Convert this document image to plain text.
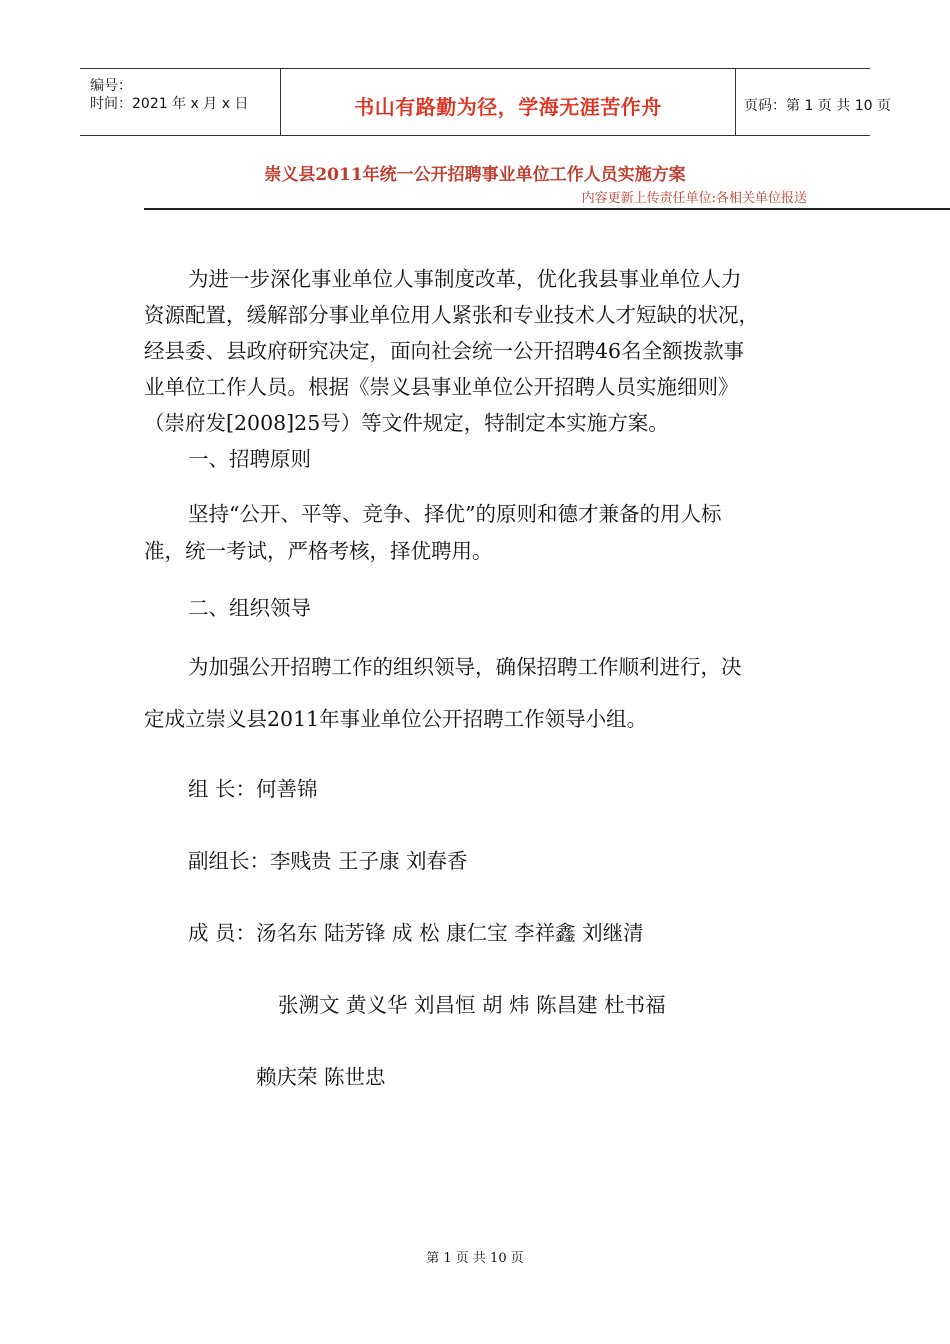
编号：
时间：2021 年 x 月 x 日	书山有路勤为径，学海无涯苦作舟	页码：第 1 页 共 10 页
崇义县2011年统一公开招聘事业单位工作人员实施方案
内容更新上传责任单位:各相关单位报送
为进一步深化事业单位人事制度改革，优化我县事业单位人力
资源配置，缓解部分事业单位用人紧张和专业技术人才短缺的状况，
经县委、县政府研究决定，面向社会统一公开招聘46名全额拨款事
业单位工作人员。根据《崇义县事业单位公开招聘人员实施细则》
（崇府发[2008]25号）等文件规定，特制定本实施方案。
一、招聘原则
坚持“公开、平等、竞争、择优”的原则和德才兼备的用人标
准，统一考试，严格考核，择优聘用。
二、组织领导
为加强公开招聘工作的组织领导，确保招聘工作顺利进行，决
定成立崇义县2011年事业单位公开招聘工作领导小组。
组 长：何善锦
副组长：李贱贵 王子康 刘春香
成 员：汤名东 陆芳锋 成 松 康仁宝 李祥鑫 刘继清
张溯文 黄义华 刘昌恒 胡 炜 陈昌建 杜书福
赖庆荣 陈世忠
第 1 页 共 10 页
